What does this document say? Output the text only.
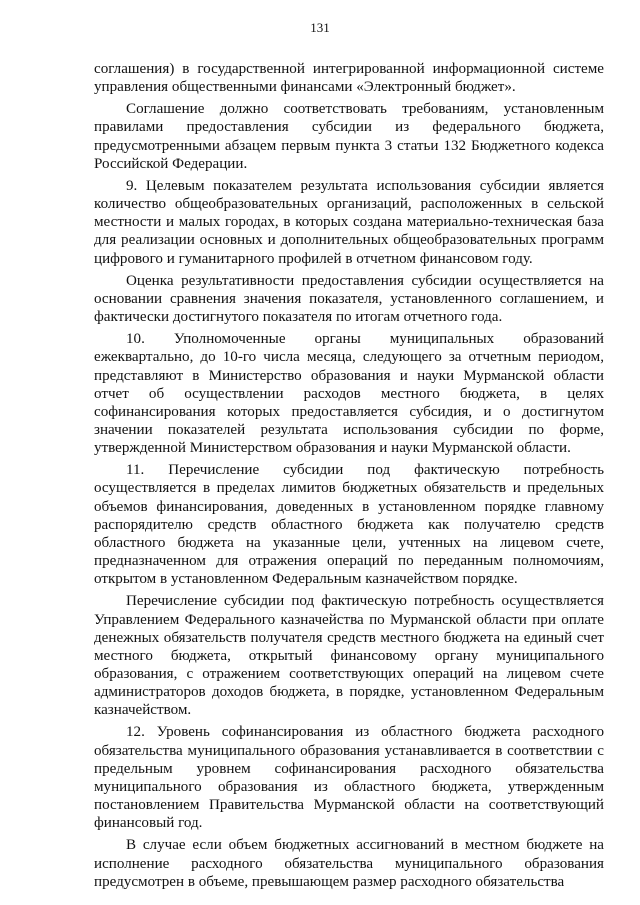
131

соглашения) в государственной интегрированной информационной системе управления общественными финансами «Электронный бюджет».

Соглашение должно соответствовать требованиям, установленным правилами предоставления субсидии из федерального бюджета, предусмотренными абзацем первым пункта 3 статьи 132 Бюджетного кодекса Российской Федерации.

9. Целевым показателем результата использования субсидии является количество общеобразовательных организаций, расположенных в сельской местности и малых городах, в которых создана материально-техническая база для реализации основных и дополнительных общеобразовательных программ цифрового и гуманитарного профилей в отчетном финансовом году.

Оценка результативности предоставления субсидии осуществляется на основании сравнения значения показателя, установленного соглашением, и фактически достигнутого показателя по итогам отчетного года.

10. Уполномоченные органы муниципальных образований ежеквартально, до 10-го числа месяца, следующего за отчетным периодом, представляют в Министерство образования и науки Мурманской области отчет об осуществлении расходов местного бюджета, в целях софинансирования которых предоставляется субсидия, и о достигнутом значении показателей результата использования субсидии по форме, утвержденной Министерством образования и науки Мурманской области.

11. Перечисление субсидии под фактическую потребность осуществляется в пределах лимитов бюджетных обязательств и предельных объемов финансирования, доведенных в установленном порядке главному распорядителю средств областного бюджета как получателю средств областного бюджета на указанные цели, учтенных на лицевом счете, предназначенном для отражения операций по переданным полномочиям, открытом в установленном Федеральным казначейством порядке.

Перечисление субсидии под фактическую потребность осуществляется Управлением Федерального казначейства по Мурманской области при оплате денежных обязательств получателя средств местного бюджета на единый счет местного бюджета, открытый финансовому органу муниципального образования, с отражением соответствующих операций на лицевом счете администраторов доходов бюджета, в порядке, установленном Федеральным казначейством.

12. Уровень софинансирования из областного бюджета расходного обязательства муниципального образования устанавливается в соответствии с предельным уровнем софинансирования расходного обязательства муниципального образования из областного бюджета, утвержденным постановлением Правительства Мурманской области на соответствующий финансовый год.

В случае если объем бюджетных ассигнований в местном бюджете на исполнение расходного обязательства муниципального образования предусмотрен в объеме, превышающем размер расходного обязательства
